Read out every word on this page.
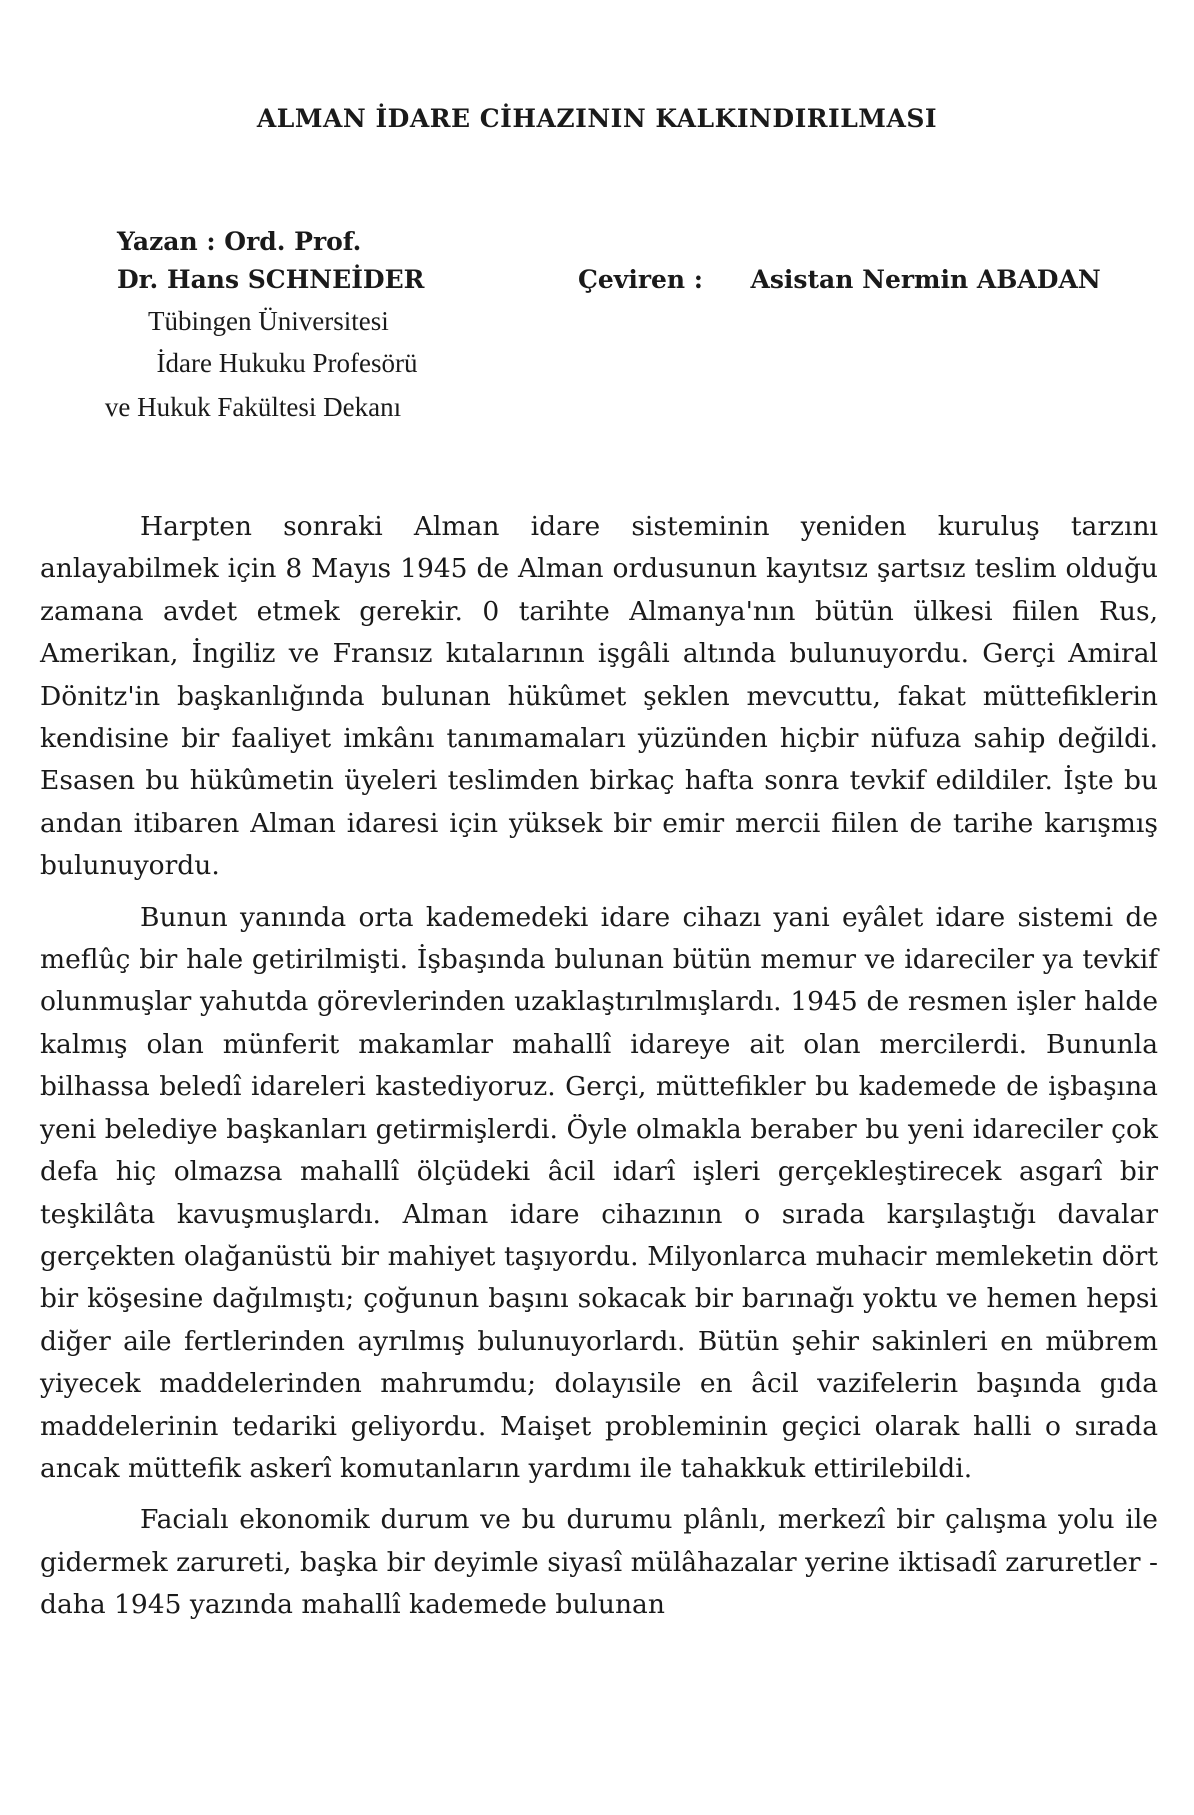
ALMAN İDARE CİHAZININ KALKINDIRILMASI
Yazan : Ord. Prof.
Dr. Hans SCHNEİDER
Tübingen Üniversitesi
İdare Hukuku Profesörü
ve Hukuk Fakültesi Dekanı
Çeviren : Asistan Nermin ABADAN

Harpten sonraki Alman idare sisteminin yeniden kuruluş tarzını anlayabilmek için 8 Mayıs 1945 de Alman ordusunun kayıtsız şartsız teslim olduğu zamana avdet etmek gerekir. 0 tarihte Almanya'nın bütün ülkesi fiilen Rus, Amerikan, İngiliz ve Fransız kıtalarının işgâli altında bulunuyordu. Gerçi Amiral Dönitz'in başkanlığında bulunan hükûmet şeklen mevcuttu, fakat müttefiklerin kendisine bir faaliyet imkânı tanımamaları yüzünden hiçbir nüfuza sahip değildi. Esasen bu hükûmetin üyeleri teslimden birkaç hafta sonra tevkif edildiler. İşte bu andan itibaren Alman idaresi için yüksek bir emir mercii fiilen de tarihe karışmış bulunuyordu.

Bunun yanında orta kademedeki idare cihazı yani eyâlet idare sistemi de meflûç bir hale getirilmişti. İşbaşında bulunan bütün memur ve idareciler ya tevkif olunmuşlar yahutda görevlerinden uzaklaştırılmışlardı. 1945 de resmen işler halde kalmış olan münferit makamlar mahallî idareye ait olan mercilerdi. Bununla bilhassa beledî idareleri kastediyoruz. Gerçi, müttefikler bu kademede de işbaşına yeni belediye başkanları getirmişlerdi. Öyle olmakla beraber bu yeni idareciler çok defa hiç olmazsa mahallî ölçüdeki âcil idarî işleri gerçekleştirecek asgarî bir teşkilâta kavuşmuşlardı. Alman idare cihazının o sırada karşılaştığı davalar gerçekten olağanüstü bir mahiyet taşıyordu. Milyonlarca muhacir memleketin dört bir köşesine dağılmıştı; çoğunun başını sokacak bir barınağı yoktu ve hemen hepsi diğer aile fertlerinden ayrılmış bulunuyorlardı. Bütün şehir sakinleri en mübrem yiyecek maddelerinden mahrumdu; dolayısile en âcil vazifelerin başında gıda maddelerinin tedariki geliyordu. Maişet probleminin geçici olarak halli o sırada ancak müttefik askerî komutanların yardımı ile tahakkuk ettirilebildi.

Facialı ekonomik durum ve bu durumu plânlı, merkezî bir çalışma yolu ile gidermek zarureti, başka bir deyimle siyasî mülâhazalar yerine iktisadî zaruretler - daha 1945 yazında mahallî kademede bulunan
